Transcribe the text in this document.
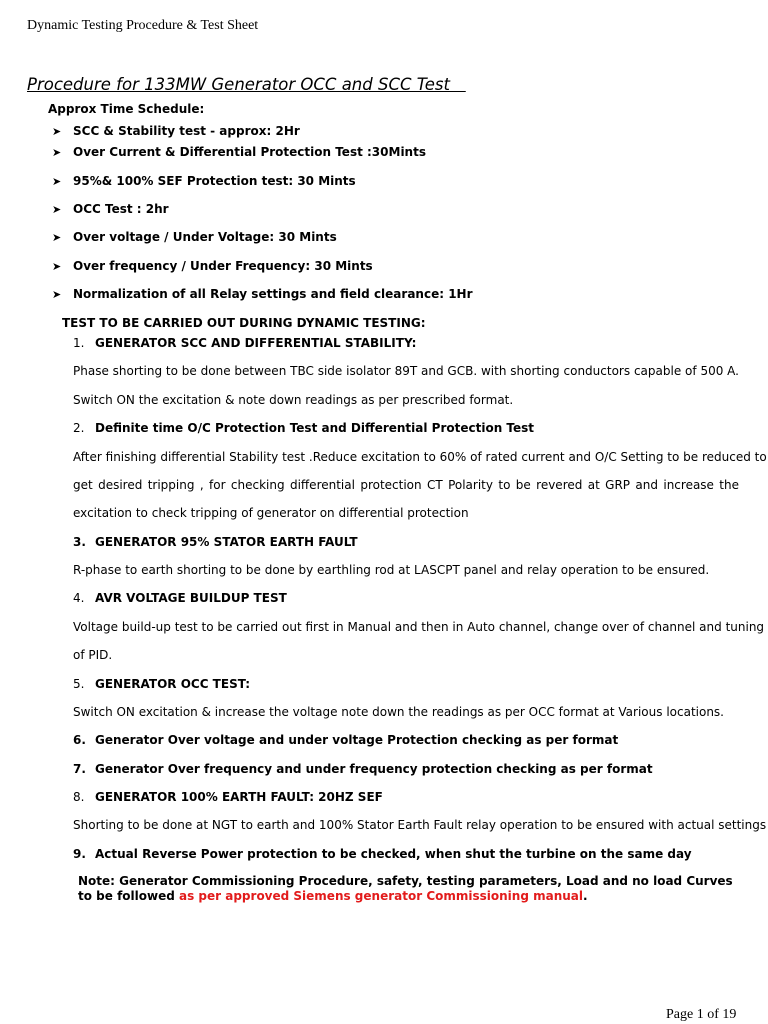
Dynamic Testing Procedure & Test Sheet
Procedure for 133MW Generator OCC and SCC Test
Approx Time Schedule:
➤ SCC & Stability test - approx: 2Hr
➤ Over Current & Differential Protection Test :30Mints
➤ 95%& 100% SEF Protection test: 30 Mints
➤ OCC Test : 2hr
➤ Over voltage / Under Voltage: 30 Mints
➤ Over frequency / Under Frequency: 30 Mints
➤ Normalization of all Relay settings and field clearance: 1Hr
TEST TO BE CARRIED OUT DURING DYNAMIC TESTING:
1. GENERATOR SCC AND DIFFERENTIAL STABILITY:
Phase shorting to be done between TBC side isolator 89T and GCB. with shorting conductors capable of 500 A.
Switch ON the excitation & note down readings as per prescribed format.
2. Definite time O/C Protection Test and Differential Protection Test
After finishing differential Stability test .Reduce excitation to 60% of rated current and O/C Setting to be reduced to
get desired tripping , for checking differential protection CT Polarity to be revered at GRP and increase the
excitation to check tripping of generator on differential protection
3. GENERATOR 95% STATOR EARTH FAULT
R-phase to earth shorting to be done by earthling rod at LASCPT panel and relay operation to be ensured.
4. AVR VOLTAGE BUILDUP TEST
Voltage build-up test to be carried out first in Manual and then in Auto channel, change over of channel and tuning
of PID.
5. GENERATOR OCC TEST:
Switch ON excitation & increase the voltage note down the readings as per OCC format at Various locations.
6. Generator Over voltage and under voltage Protection checking as per format
7. Generator Over frequency and under frequency protection checking as per format
8. GENERATOR 100% EARTH FAULT: 20HZ SEF
Shorting to be done at NGT to earth and 100% Stator Earth Fault relay operation to be ensured with actual settings
9. Actual Reverse Power protection to be checked, when shut the turbine on the same day
Note: Generator Commissioning Procedure, safety, testing parameters, Load and no load Curves to be followed as per approved Siemens generator Commissioning manual.
Page 1 of 19
